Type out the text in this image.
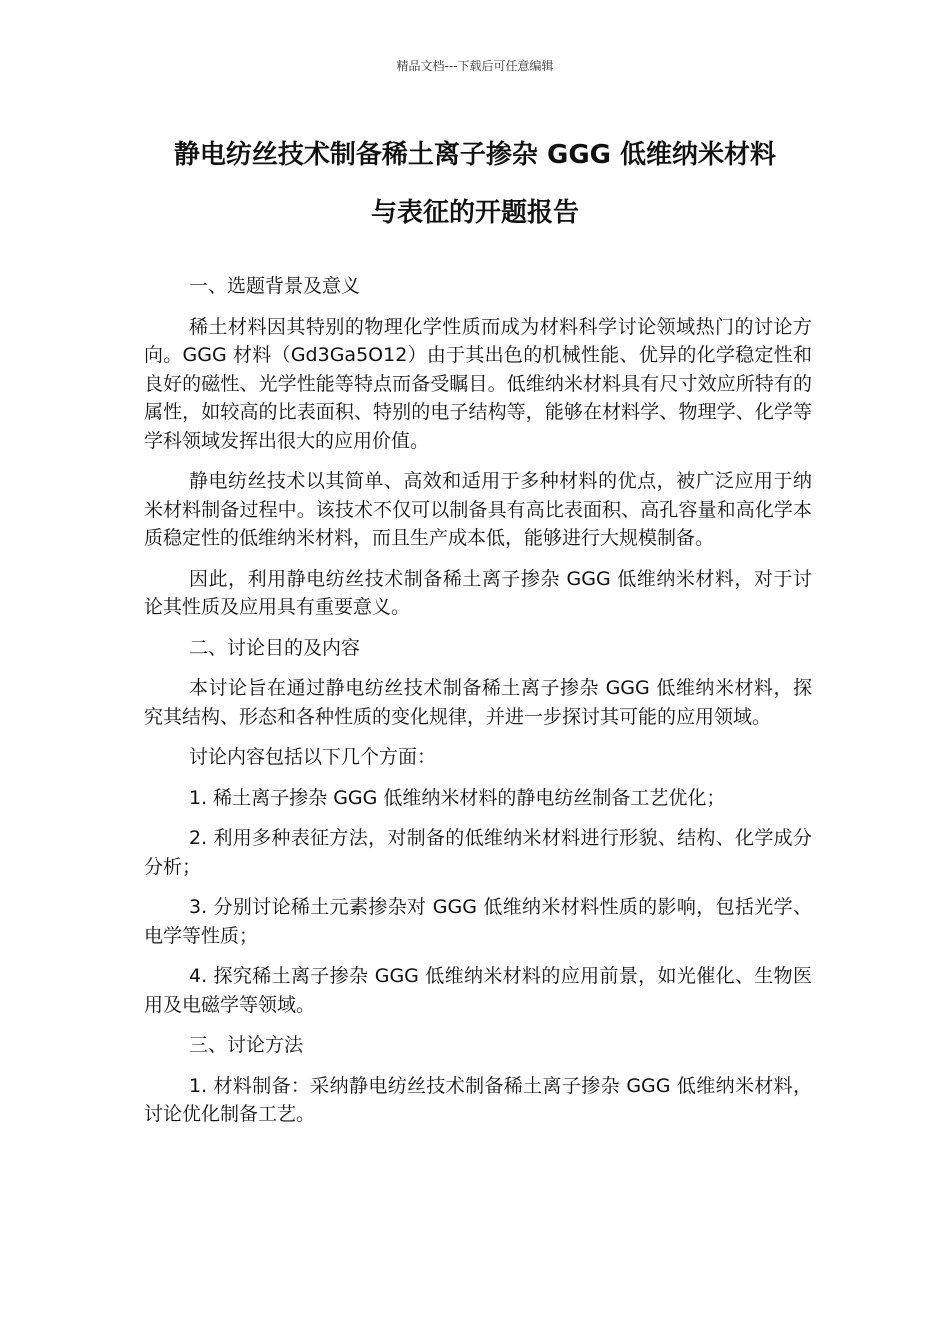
精品文档---下载后可任意编辑
静电纺丝技术制备稀土离子掺杂 GGG 低维纳米材料
与表征的开题报告

一、选题背景及意义

稀土材料因其特别的物理化学性质而成为材料科学讨论领域热门的讨论方向。GGG 材料（Gd3Ga5O12）由于其出色的机械性能、优异的化学稳定性和良好的磁性、光学性能等特点而备受瞩目。低维纳米材料具有尺寸效应所特有的属性，如较高的比表面积、特别的电子结构等，能够在材料学、物理学、化学等学科领域发挥出很大的应用价值。

静电纺丝技术以其简单、高效和适用于多种材料的优点，被广泛应用于纳米材料制备过程中。该技术不仅可以制备具有高比表面积、高孔容量和高化学本质稳定性的低维纳米材料，而且生产成本低，能够进行大规模制备。

因此，利用静电纺丝技术制备稀土离子掺杂 GGG 低维纳米材料，对于讨论其性质及应用具有重要意义。

二、讨论目的及内容

本讨论旨在通过静电纺丝技术制备稀土离子掺杂 GGG 低维纳米材料，探究其结构、形态和各种性质的变化规律，并进一步探讨其可能的应用领域。

讨论内容包括以下几个方面：

1. 稀土离子掺杂 GGG 低维纳米材料的静电纺丝制备工艺优化；

2. 利用多种表征方法，对制备的低维纳米材料进行形貌、结构、化学成分分析；

3. 分别讨论稀土元素掺杂对 GGG 低维纳米材料性质的影响，包括光学、电学等性质；

4. 探究稀土离子掺杂 GGG 低维纳米材料的应用前景，如光催化、生物医用及电磁学等领域。

三、讨论方法

1. 材料制备：采纳静电纺丝技术制备稀土离子掺杂 GGG 低维纳米材料，讨论优化制备工艺。
